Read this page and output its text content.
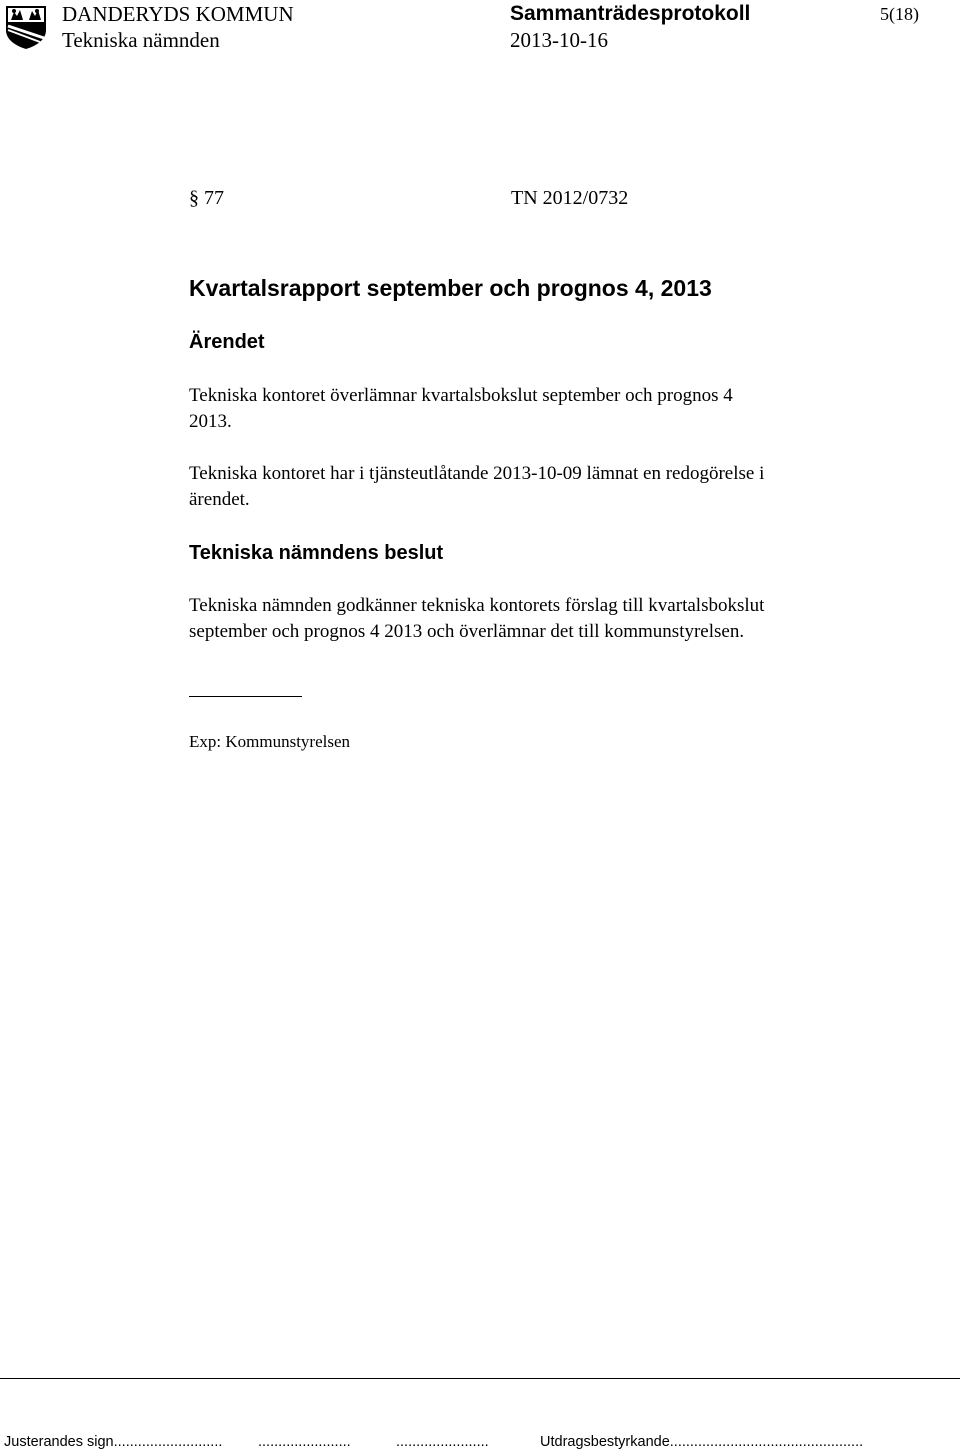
DANDERYDS KOMMUN
Tekniska nämnden
Sammanträdesprotokoll
2013-10-16
5(18)
§ 77	TN 2012/0732
Kvartalsrapport september och prognos 4, 2013
Ärendet
Tekniska kontoret överlämnar kvartalsbokslut september och prognos 4
2013.
Tekniska kontoret har i tjänsteutlåtande 2013-10-09 lämnat en redogörelse i
ärendet.
Tekniska nämndens beslut
Tekniska nämnden godkänner tekniska kontorets förslag till kvartalsbokslut
september och prognos 4 2013 och överlämnar det till kommunstyrelsen.
Exp: Kommunstyrelsen
Justerandes sign........................... .......................	.......................	Utdragsbestyrkande................................................
